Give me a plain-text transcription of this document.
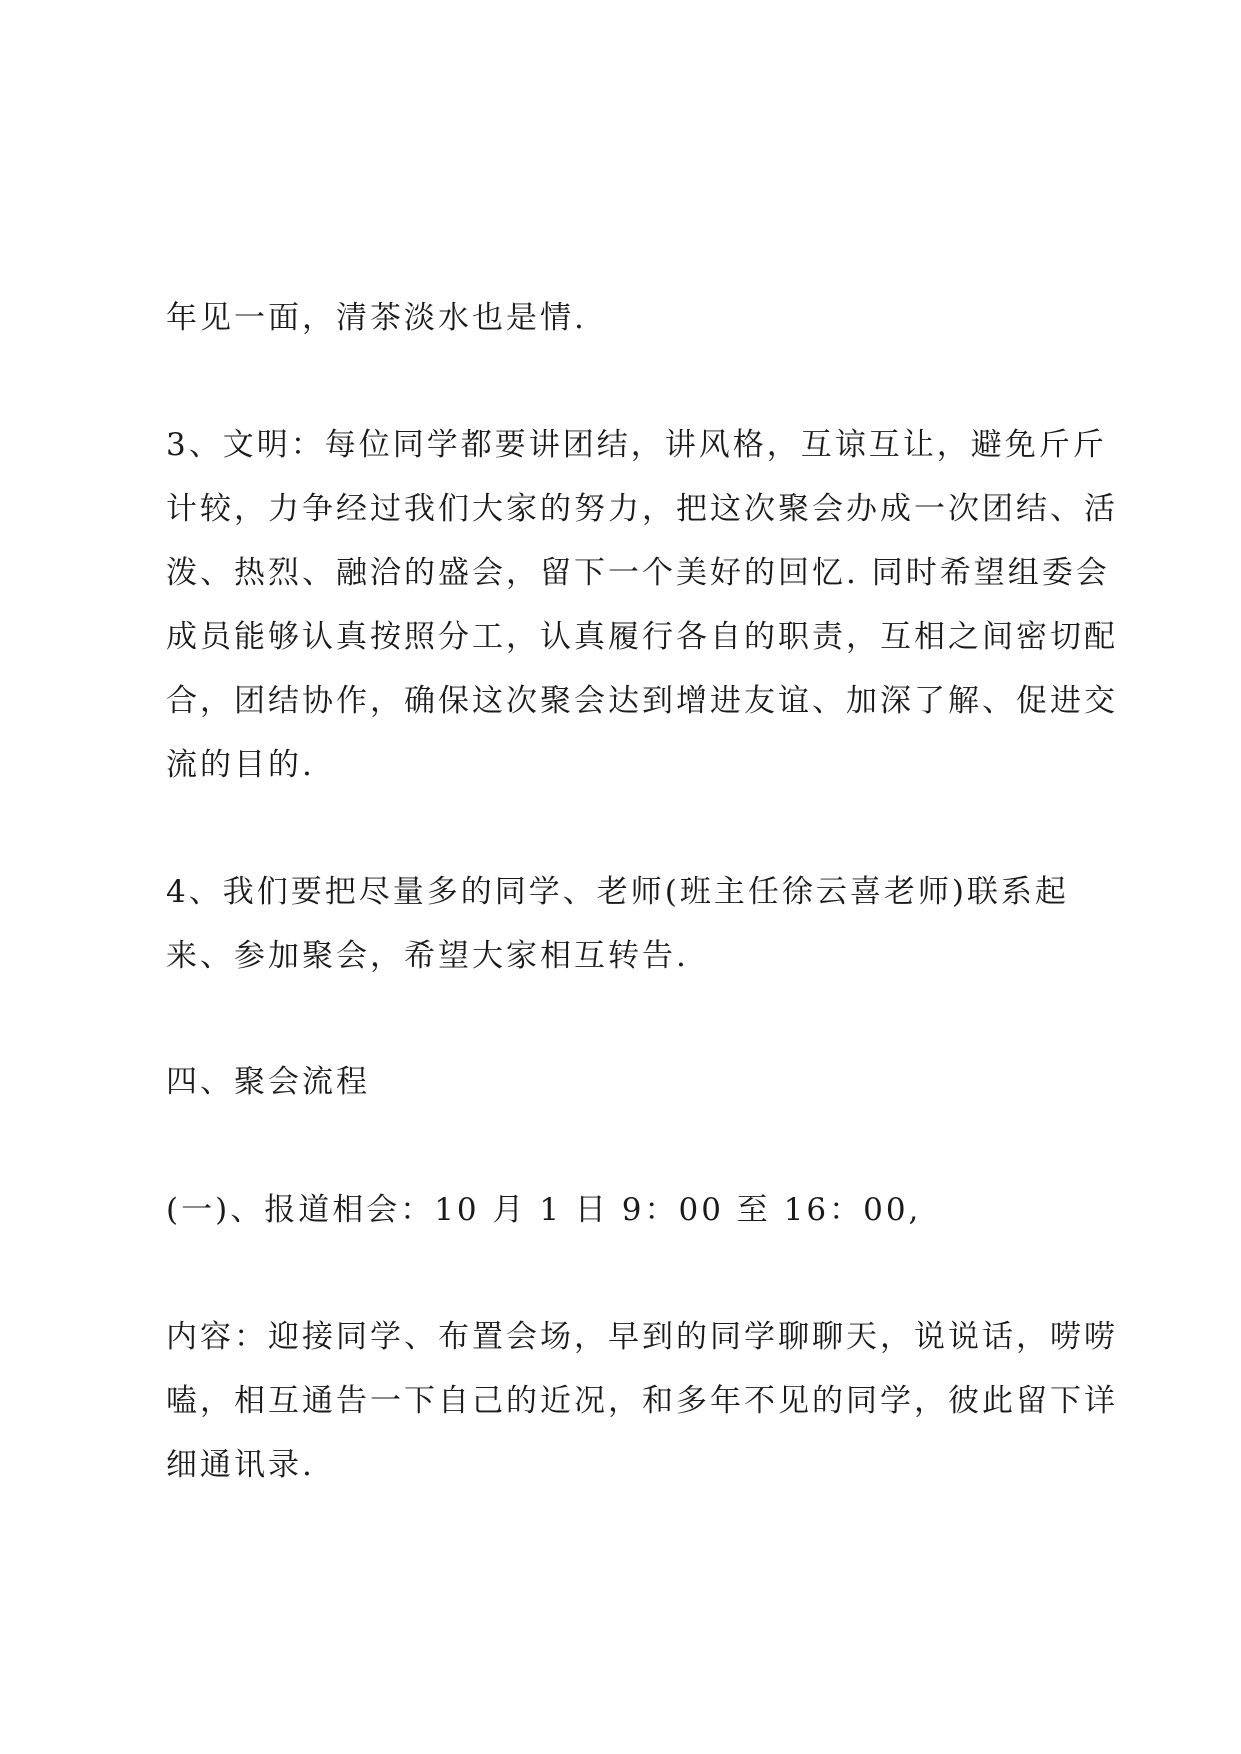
年见一面，清茶淡水也是情.

3、文明：每位同学都要讲团结，讲风格，互谅互让，避免斤斤
计较，力争经过我们大家的努力，把这次聚会办成一次团结、活
泼、热烈、融洽的盛会，留下一个美好的回忆. 同时希望组委会
成员能够认真按照分工，认真履行各自的职责，互相之间密切配
合，团结协作，确保这次聚会达到增进友谊、加深了解、促进交
流的目的.

4、我们要把尽量多的同学、老师(班主任徐云喜老师)联系起
来、参加聚会，希望大家相互转告.

四、聚会流程

(一)、报道相会：10 月 1 日 9：00 至 16：00,

内容：迎接同学、布置会场，早到的同学聊聊天，说说话，唠唠
嗑，相互通告一下自己的近况，和多年不见的同学，彼此留下详
细通讯录.
